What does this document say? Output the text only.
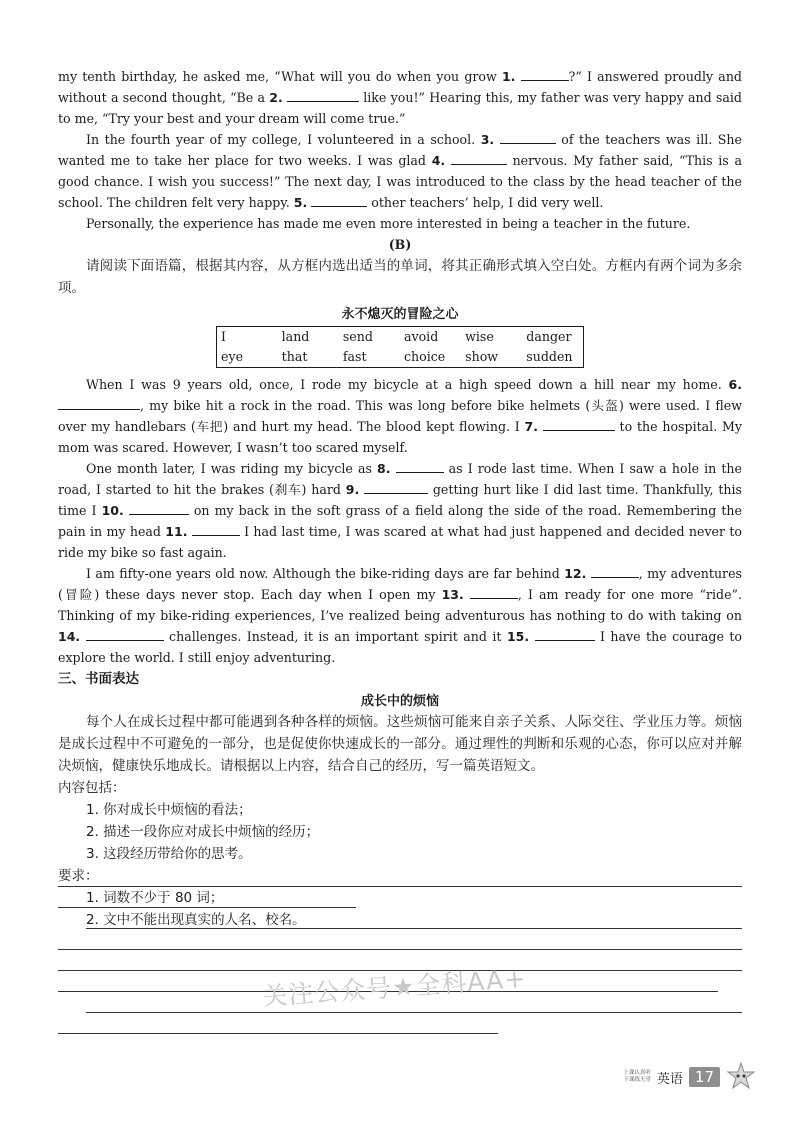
my tenth birthday, he asked me, “What will you do when you grow 1.	?” I answered proudly and without a second thought, “Be a 2.	like you!” Hearing this, my father was very happy and said to me, “Try your best and your dream will come true.”

In the fourth year of my college, I volunteered in a school. 3.	of the teachers was ill. She wanted me to take her place for two weeks. I was glad 4.	nervous. My father said, “This is a good chance. I wish you success!” The next day, I was introduced to the class by the head teacher of the school. The children felt very happy. 5.	other teachers’ help, I did very well.

Personally, the experience has made me even more interested in being a teacher in the future.

(B)

请阅读下面语篇，根据其内容，从方框内选出适当的单词，将其正确形式填入空白处。方框内有两个词为多余项。

永不熄灭的冒险之心
I	land	send	avoid	wise	danger
eye	that	fast	choice	show	sudden

When I was 9 years old, once, I rode my bicycle at a high speed down a hill near my home. 6. , my bike hit a rock in the road. This was long before bike helmets (头盔) were used. I flew over my handlebars (车把) and hurt my head. The blood kept flowing. I 7.	to the hospital. My mom was scared. However, I wasn’t too scared myself.

One month later, I was riding my bicycle as 8.	as I rode last time. When I saw a hole in the road, I started to hit the brakes (刹车) hard 9.	getting hurt like I did last time. Thankfully, this time I 10.	on my back in the soft grass of a field along the side of the road. Remembering the pain in my head 11.	I had last time, I was scared at what had just happened and decided never to ride my bike so fast again.

I am fifty-one years old now. Although the bike-riding days are far behind 12.	, my adventures (冒险) these days never stop. Each day when I open my 13.	, I am ready for one more “ride”. Thinking of my bike-riding experiences, I’ve realized being adventurous has nothing to do with taking on 14.	challenges. Instead, it is an important spirit and it 15.	I have the courage to explore the world. I still enjoy adventuring.

三、书面表达
成长中的烦恼

每个人在成长过程中都可能遇到各种各样的烦恼。这些烦恼可能来自亲子关系、人际交往、学业压力等。烦恼是成长过程中不可避免的一部分，也是促使你快速成长的一部分。通过理性的判断和乐观的心态，你可以应对并解决烦恼，健康快乐地成长。请根据以上内容，结合自己的经历，写一篇英语短文。

内容包括：
1. 你对成长中烦恼的看法；
2. 描述一段你应对成长中烦恼的经历；
3. 这段经历带给你的思考。
要求：
1. 词数不少于 80 词；
2. 文中不能出现真实的人名、校名。
关注公众号★全科AA+
上课认真听
下课练天堂 英语 17
